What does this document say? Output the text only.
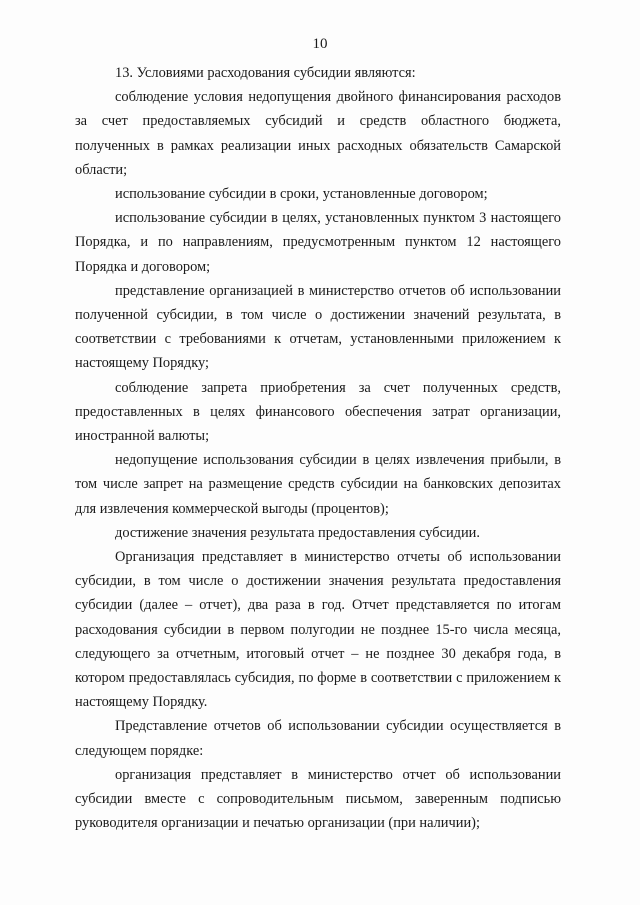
10

13. Условиями расходования субсидии являются:

соблюдение условия недопущения двойного финансирования расходов за счет предоставляемых субсидий и средств областного бюджета, полученных в рамках реализации иных расходных обязательств Самарской области;

использование субсидии в сроки, установленные договором;

использование субсидии в целях, установленных пунктом 3 настоящего Порядка, и по направлениям, предусмотренным пунктом 12 настоящего Порядка и договором;

представление организацией в министерство отчетов об использовании полученной субсидии, в том числе о достижении значений результата, в соответствии с требованиями к отчетам, установленными приложением к настоящему Порядку;

соблюдение запрета приобретения за счет полученных средств, предоставленных в целях финансового обеспечения затрат организации, иностранной валюты;

недопущение использования субсидии в целях извлечения прибыли, в том числе запрет на размещение средств субсидии на банковских депозитах для извлечения коммерческой выгоды (процентов);

достижение значения результата предоставления субсидии.

Организация представляет в министерство отчеты об использовании субсидии, в том числе о достижении значения результата предоставления субсидии (далее – отчет), два раза в год. Отчет представляется по итогам расходования субсидии в первом полугодии не позднее 15-го числа месяца, следующего за отчетным, итоговый отчет – не позднее 30 декабря года, в котором предоставлялась субсидия, по форме в соответствии с приложением к настоящему Порядку.

Представление отчетов об использовании субсидии осуществляется в следующем порядке:

организация представляет в министерство отчет об использовании субсидии вместе с сопроводительным письмом, заверенным подписью руководителя организации и печатью организации (при наличии);
